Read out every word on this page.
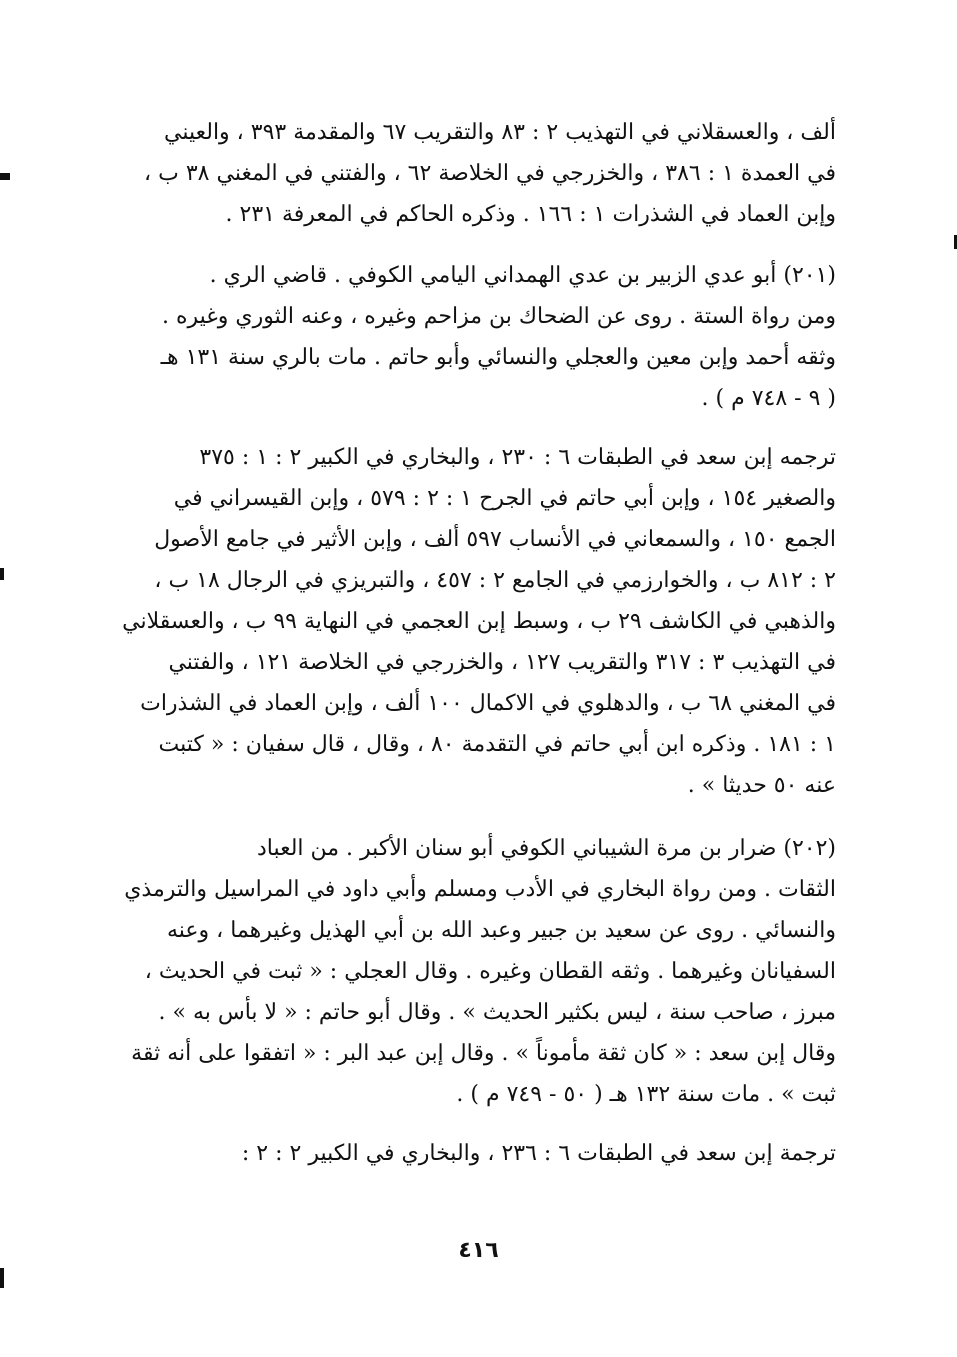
ألف ، والعسقلاني في التهذيب ٢ : ٨٣ والتقريب ٦٧ والمقدمة ٣٩٣ ، والعيني
في العمدة ١ : ٣٨٦ ، والخزرجي في الخلاصة ٦٢ ، والفتني في المغني ٣٨ ب ،
وإبن العماد في الشذرات ١ : ١٦٦ . وذكره الحاكم في المعرفة ٢٣١ .
(٢٠١) أبو عدي الزبير بن عدي الهمداني اليامي الكوفي . قاضي الري .
ومن رواة الستة . روى عن الضحاك بن مزاحم وغيره ، وعنه الثوري وغيره .
وثقه أحمد وإبن معين والعجلي والنسائي وأبو حاتم . مات بالري سنة ١٣١ هـ
( ٩ - ٧٤٨ م ) .
ترجمه إبن سعد في الطبقات ٦ : ٢٣٠ ، والبخاري في الكبير ٢ : ١ : ٣٧٥
والصغير ١٥٤ ، وإبن أبي حاتم في الجرح ١ : ٢ : ٥٧٩ ، وإبن القيسراني في
الجمع ١٥٠ ، والسمعاني في الأنساب ٥٩٧ ألف ، وإبن الأثير في جامع الأصول
٢ : ٨١٢ ب ، والخوارزمي في الجامع ٢ : ٤٥٧ ، والتبريزي في الرجال ١٨ ب ،
والذهبي في الكاشف ٢٩ ب ، وسبط إبن العجمي في النهاية ٩٩ ب ، والعسقلاني
في التهذيب ٣ : ٣١٧ والتقريب ١٢٧ ، والخزرجي في الخلاصة ١٢١ ، والفتني
في المغني ٦٨ ب ، والدهلوي في الاكمال ١٠٠ ألف ، وإبن العماد في الشذرات
١ : ١٨١ . وذكره ابن أبي حاتم في التقدمة ٨٠ ، وقال ، قال سفيان : « كتبت
عنه ٥٠ حديثا » .
(٢٠٢) ضرار بن مرة الشيباني الكوفي أبو سنان الأكبر . من العباد
الثقات . ومن رواة البخاري في الأدب ومسلم وأبي داود في المراسيل والترمذي
والنسائي . روى عن سعيد بن جبير وعبد الله بن أبي الهذيل وغيرهما ، وعنه
السفيانان وغيرهما . وثقه القطان وغيره . وقال العجلي : « ثبت في الحديث ،
مبرز ، صاحب سنة ، ليس بكثير الحديث » . وقال أبو حاتم : « لا بأس به » .
وقال إبن سعد : « كان ثقة مأموناً » . وقال إبن عبد البر : « اتفقوا على أنه ثقة
ثبت » . مات سنة ١٣٢ هـ ( ٥٠ - ٧٤٩ م ) .
ترجمة إبن سعد في الطبقات ٦ : ٢٣٦ ، والبخاري في الكبير ٢ : ٢ :
٤١٦
